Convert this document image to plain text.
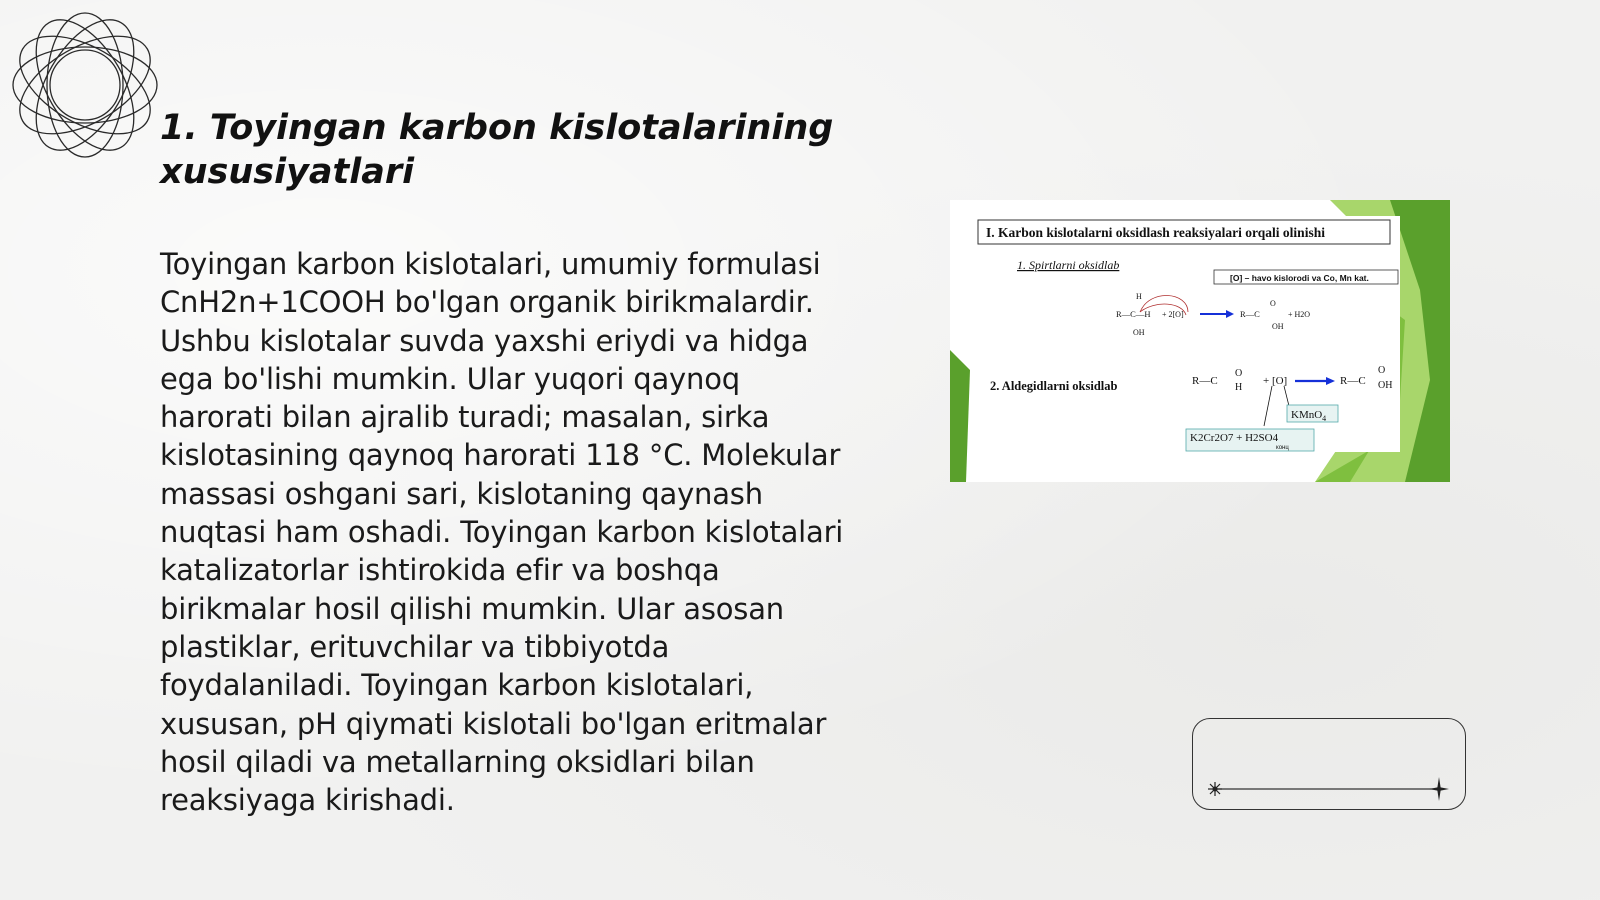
1. Toyingan karbon kislotalarining xususiyatlari

Toyingan karbon kislotalari, umumiy formulasi CnH2n+1COOH bo'lgan organik birikmalardir. Ushbu kislotalar suvda yaxshi eriydi va hidga ega bo'lishi mumkin. Ular yuqori qaynoq harorati bilan ajralib turadi; masalan, sirka kislotasining qaynoq harorati 118 °C. Molekular massasi oshgani sari, kislotaning qaynash nuqtasi ham oshadi. Toyingan karbon kislotalari katalizatorlar ishtirokida efir va boshqa birikmalar hosil qilishi mumkin. Ular asosan plastiklar, erituvchilar va tibbiyotda foydalaniladi. Toyingan karbon kislotalari, xususan, pH qiymati kislotali bo'lgan eritmalar hosil qiladi va metallarning oksidlari bilan reaksiyaga kirishadi.

I. Karbon kislotalarni oksidlash reaksiyalari orqali olinishi
1. Spirtlarni oksidlab
[O] – havo kislorodi va Co, Mn kat.
H
R—C—H
OH
+ 2[O]	R—C
O
OH
+ H2O
2. Aldegidlarni oksidlab	R—C
O
H
+ [O]	R—C
O
OH
KMnO$_4$
K2Cr2O7 + H2SO4
конц
